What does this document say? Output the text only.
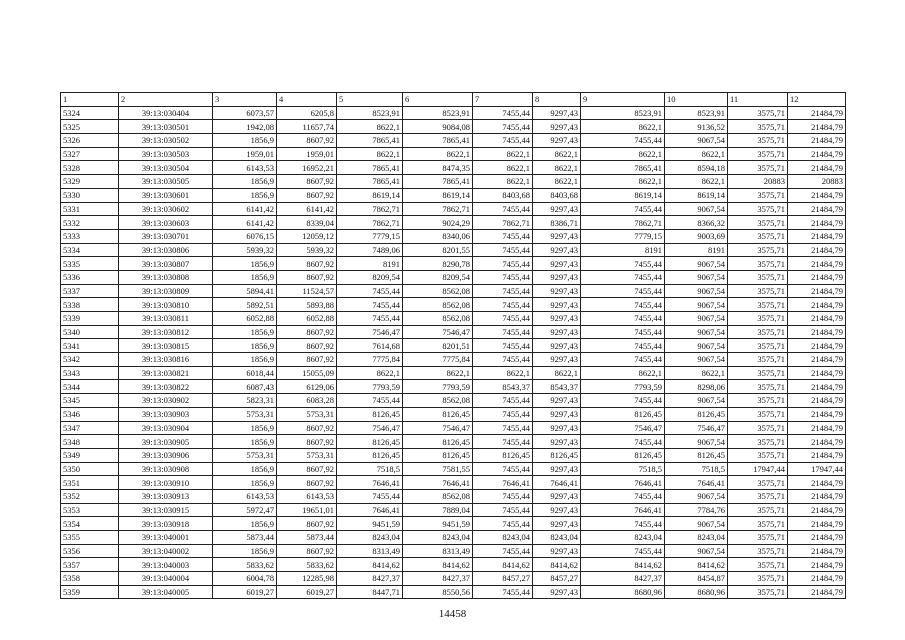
1	2	3	4	5	6	7	8	9	10	11	12
5324	39:13:030404	6073,57	6205,8	8523,91	8523,91	7455,44	9297,43	8523,91	8523,91	3575,71	21484,79
5325	39:13:030501	1942,08	11657,74	8622,1	9084,08	7455,44	9297,43	8622,1	9136,52	3575,71	21484,79
5326	39:13:030502	1856,9	8607,92	7865,41	7865,41	7455,44	9297,43	7455,44	9067,54	3575,71	21484,79
5327	39:13:030503	1959,01	1959,01	8622,1	8622,1	8622,1	8622,1	8622,1	8622,1	3575,71	21484,79
5328	39:13:030504	6143,53	16952,21	7865,41	8474,35	8622,1	8622,1	7865,41	8594,18	3575,71	21484,79
5329	39:13:030505	1856,9	8607,92	7865,41	7865,41	8622,1	8622,1	8622,1	8622,1	20883	20883
5330	39:13:030601	1856,9	8607,92	8619,14	8619,14	8403,68	8403,68	8619,14	8619,14	3575,71	21484,79
5331	39:13:030602	6141,42	6141,42	7862,71	7862,71	7455,44	9297,43	7455,44	9067,54	3575,71	21484,79
5332	39:13:030603	6141,42	8339,04	7862,71	9024,29	7862,71	8386,71	7862,71	8366,32	3575,71	21484,79
5333	39:13:030701	6076,15	12059,12	7779,15	8340,06	7455,44	9297,43	7779,15	9003,69	3575,71	21484,79
5334	39:13:030806	5939,32	5939,32	7489,06	8201,55	7455,44	9297,43	8191	8191	3575,71	21484,79
5335	39:13:030807	1856,9	8607,92	8191	8290,78	7455,44	9297,43	7455,44	9067,54	3575,71	21484,79
5336	39:13:030808	1856,9	8607,92	8209,54	8209,54	7455,44	9297,43	7455,44	9067,54	3575,71	21484,79
5337	39:13:030809	5894,41	11524,57	7455,44	8562,08	7455,44	9297,43	7455,44	9067,54	3575,71	21484,79
5338	39:13:030810	5892,51	5893,88	7455,44	8562,08	7455,44	9297,43	7455,44	9067,54	3575,71	21484,79
5339	39:13:030811	6052,88	6052,88	7455,44	8562,08	7455,44	9297,43	7455,44	9067,54	3575,71	21484,79
5340	39:13:030812	1856,9	8607,92	7546,47	7546,47	7455,44	9297,43	7455,44	9067,54	3575,71	21484,79
5341	39:13:030815	1856,9	8607,92	7614,68	8201,51	7455,44	9297,43	7455,44	9067,54	3575,71	21484,79
5342	39:13:030816	1856,9	8607,92	7775,84	7775,84	7455,44	9297,43	7455,44	9067,54	3575,71	21484,79
5343	39:13:030821	6018,44	15055,09	8622,1	8622,1	8622,1	8622,1	8622,1	8622,1	3575,71	21484,79
5344	39:13:030822	6087,43	6129,06	7793,59	7793,59	8543,37	8543,37	7793,59	8298,06	3575,71	21484,79
5345	39:13:030902	5823,31	6083,28	7455,44	8562,08	7455,44	9297,43	7455,44	9067,54	3575,71	21484,79
5346	39:13:030903	5753,31	5753,31	8126,45	8126,45	7455,44	9297,43	8126,45	8126,45	3575,71	21484,79
5347	39:13:030904	1856,9	8607,92	7546,47	7546,47	7455,44	9297,43	7546,47	7546,47	3575,71	21484,79
5348	39:13:030905	1856,9	8607,92	8126,45	8126,45	7455,44	9297,43	7455,44	9067,54	3575,71	21484,79
5349	39:13:030906	5753,31	5753,31	8126,45	8126,45	8126,45	8126,45	8126,45	8126,45	3575,71	21484,79
5350	39:13:030908	1856,9	8607,92	7518,5	7581,55	7455,44	9297,43	7518,5	7518,5	17947,44	17947,44
5351	39:13:030910	1856,9	8607,92	7646,41	7646,41	7646,41	7646,41	7646,41	7646,41	3575,71	21484,79
5352	39:13:030913	6143,53	6143,53	7455,44	8562,08	7455,44	9297,43	7455,44	9067,54	3575,71	21484,79
5353	39:13:030915	5972,47	19651,01	7646,41	7889,04	7455,44	9297,43	7646,41	7784,76	3575,71	21484,79
5354	39:13:030918	1856,9	8607,92	9451,59	9451,59	7455,44	9297,43	7455,44	9067,54	3575,71	21484,79
5355	39:13:040001	5873,44	5873,44	8243,04	8243,04	8243,04	8243,04	8243,04	8243,04	3575,71	21484,79
5356	39:13:040002	1856,9	8607,92	8313,49	8313,49	7455,44	9297,43	7455,44	9067,54	3575,71	21484,79
5357	39:13:040003	5833,62	5833,62	8414,62	8414,62	8414,62	8414,62	8414,62	8414,62	3575,71	21484,79
5358	39:13:040004	6004,78	12285,98	8427,37	8427,37	8457,27	8457,27	8427,37	8454,87	3575,71	21484,79
5359	39:13:040005	6019,27	6019,27	8447,71	8550,56	7455,44	9297,43	8680,96	8680,96	3575,71	21484,79
14458
